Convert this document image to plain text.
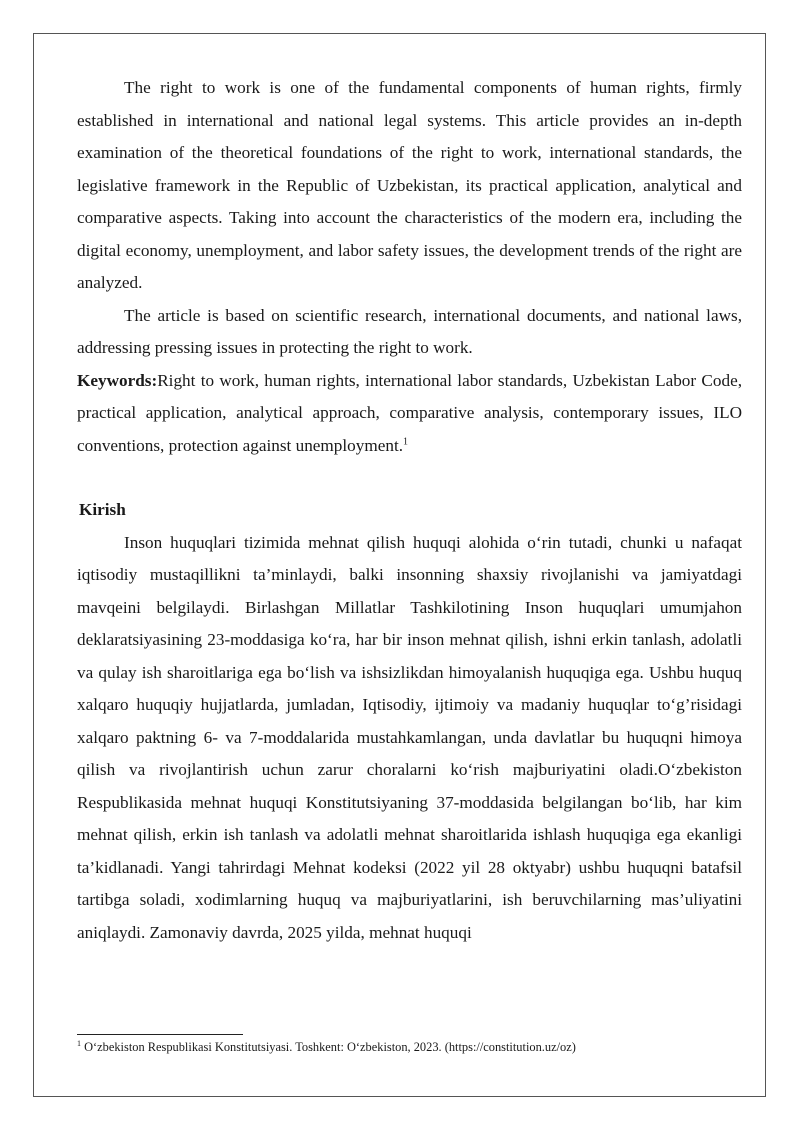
The right to work is one of the fundamental components of human rights, firmly established in international and national legal systems. This article provides an in-depth examination of the theoretical foundations of the right to work, international standards, the legislative framework in the Republic of Uzbekistan, its practical application, analytical and comparative aspects. Taking into account the characteristics of the modern era, including the digital economy, unemployment, and labor safety issues, the development trends of the right are analyzed.

The article is based on scientific research, international documents, and national laws, addressing pressing issues in protecting the right to work.

Keywords:Right to work, human rights, international labor standards, Uzbekistan Labor Code, practical application, analytical approach, comparative analysis, contemporary issues, ILO conventions, protection against unemployment.$^1$

Kirish

Inson huquqlari tizimida mehnat qilish huquqi alohida o‘rin tutadi, chunki u nafaqat iqtisodiy mustaqillikni ta’minlaydi, balki insonning shaxsiy rivojlanishi va jamiyatdagi mavqeini belgilaydi. Birlashgan Millatlar Tashkilotining Inson huquqlari umumjahon deklaratsiyasining 23-moddasiga ko‘ra, har bir inson mehnat qilish, ishni erkin tanlash, adolatli va qulay ish sharoitlariga ega bo‘lish va ishsizlikdan himoyalanish huquqiga ega. Ushbu huquq xalqaro huquqiy hujjatlarda, jumladan, Iqtisodiy, ijtimoiy va madaniy huquqlar to‘g’risidagi xalqaro paktning 6- va 7-moddalarida mustahkamlangan, unda davlatlar bu huquqni himoya qilish va rivojlantirish uchun zarur choralarni ko‘rish majburiyatini oladi.O‘zbekiston Respublikasida mehnat huquqi Konstitutsiyaning 37-moddasida belgilangan bo‘lib, har kim mehnat qilish, erkin ish tanlash va adolatli mehnat sharoitlarida ishlash huquqiga ega ekanligi ta’kidlanadi. Yangi tahrirdagi Mehnat kodeksi (2022 yil 28 oktyabr) ushbu huquqni batafsil tartibga soladi, xodimlarning huquq va majburiyatlarini, ish beruvchilarning mas’uliyatini aniqlaydi. Zamonaviy davrda, 2025 yilda, mehnat huquqi

$^1$ O‘zbekiston Respublikasi Konstitutsiyasi. Toshkent: O‘zbekiston, 2023. (https://constitution.uz/oz)
